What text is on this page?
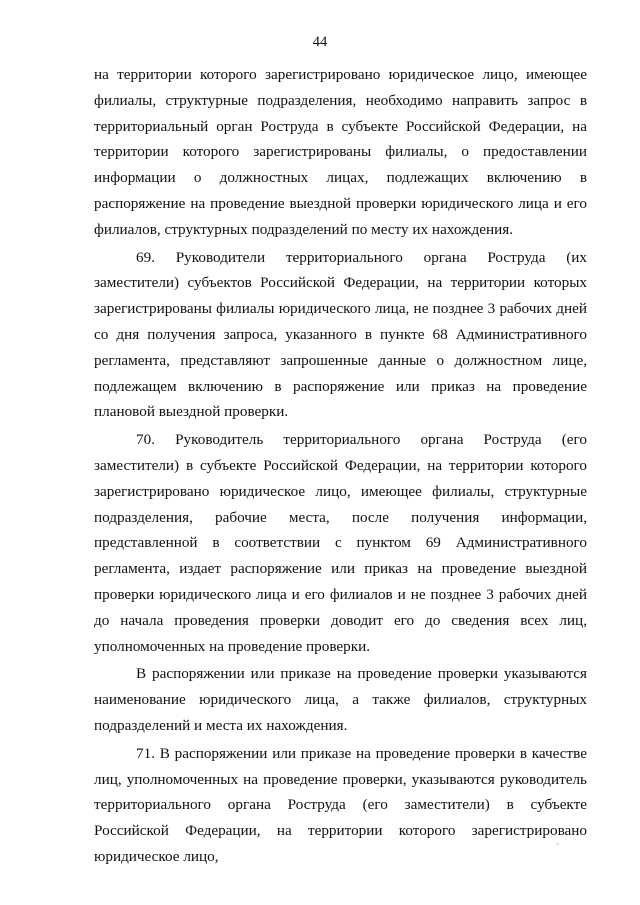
44

на территории которого зарегистрировано юридическое лицо, имеющее филиалы, структурные подразделения, необходимо направить запрос в территориальный орган Роструда в субъекте Российской Федерации, на территории которого зарегистрированы филиалы, о предоставлении информации о должностных лицах, подлежащих включению в распоряжение на проведение выездной проверки юридического лица и его филиалов, структурных подразделений по месту их нахождения.

69. Руководители территориального органа Роструда (их заместители) субъектов Российской Федерации, на территории которых зарегистрированы филиалы юридического лица, не позднее 3 рабочих дней со дня получения запроса, указанного в пункте 68 Административного регламента, представляют запрошенные данные о должностном лице, подлежащем включению в распоряжение или приказ на проведение плановой выездной проверки.

70. Руководитель территориального органа Роструда (его заместители) в субъекте Российской Федерации, на территории которого зарегистрировано юридическое лицо, имеющее филиалы, структурные подразделения, рабочие места, после получения информации, представленной в соответствии с пунктом 69 Административного регламента, издает распоряжение или приказ на проведение выездной проверки юридического лица и его филиалов и не позднее 3 рабочих дней до начала проведения проверки доводит его до сведения всех лиц, уполномоченных на проведение проверки.

В распоряжении или приказе на проведение проверки указываются наименование юридического лица, а также филиалов, структурных подразделений и места их нахождения.

71. В распоряжении или приказе на проведение проверки в качестве лиц, уполномоченных на проведение проверки, указываются руководитель территориального органа Роструда (его заместители) в субъекте Российской Федерации, на территории которого зарегистрировано юридическое лицо,	ˋ
